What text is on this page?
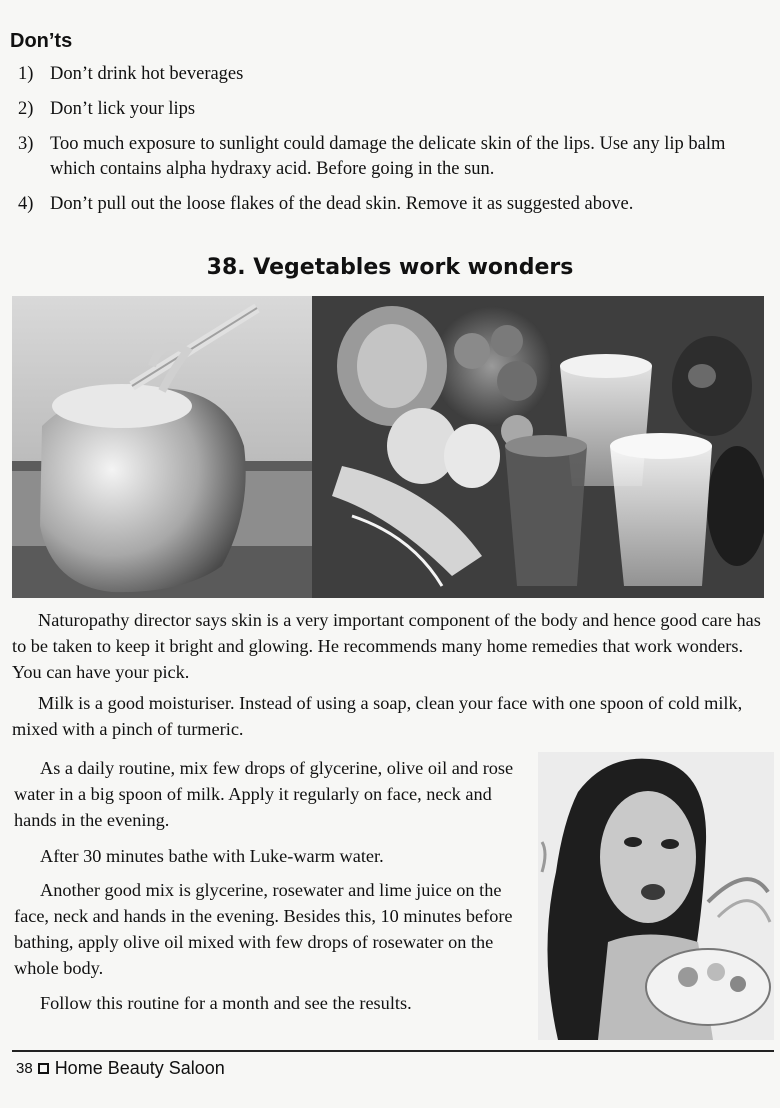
Don’ts
1) Don’t drink hot beverages
2) Don’t lick your lips
3) Too much exposure to sunlight could damage the delicate skin of the lips. Use any lip balm which contains alpha hydraxy acid. Before going in the sun.
4) Don’t pull out the loose flakes of the dead skin. Remove it as suggested above.
38. Vegetables work wonders

Naturopathy director says skin is a very important component of the body and hence good care has to be taken to keep it bright and glowing. He recommends many home remedies that work wonders. You can have your pick.

Milk is a good moisturiser. Instead of using a soap, clean your face with one spoon of cold milk, mixed with a pinch of turmeric.

As a daily routine, mix few drops of glycerine, olive oil and rose water in a big spoon of milk. Apply it regularly on face, neck and hands in the evening.

After 30 minutes bathe with Luke-warm water.

Another good mix is glycerine, rosewater and lime juice on the face, neck and hands in the evening. Besides this, 10 minutes before bathing, apply olive oil mixed with few drops of rosewater on the whole body.

Follow this routine for a month and see the results.

38 Home Beauty Saloon
